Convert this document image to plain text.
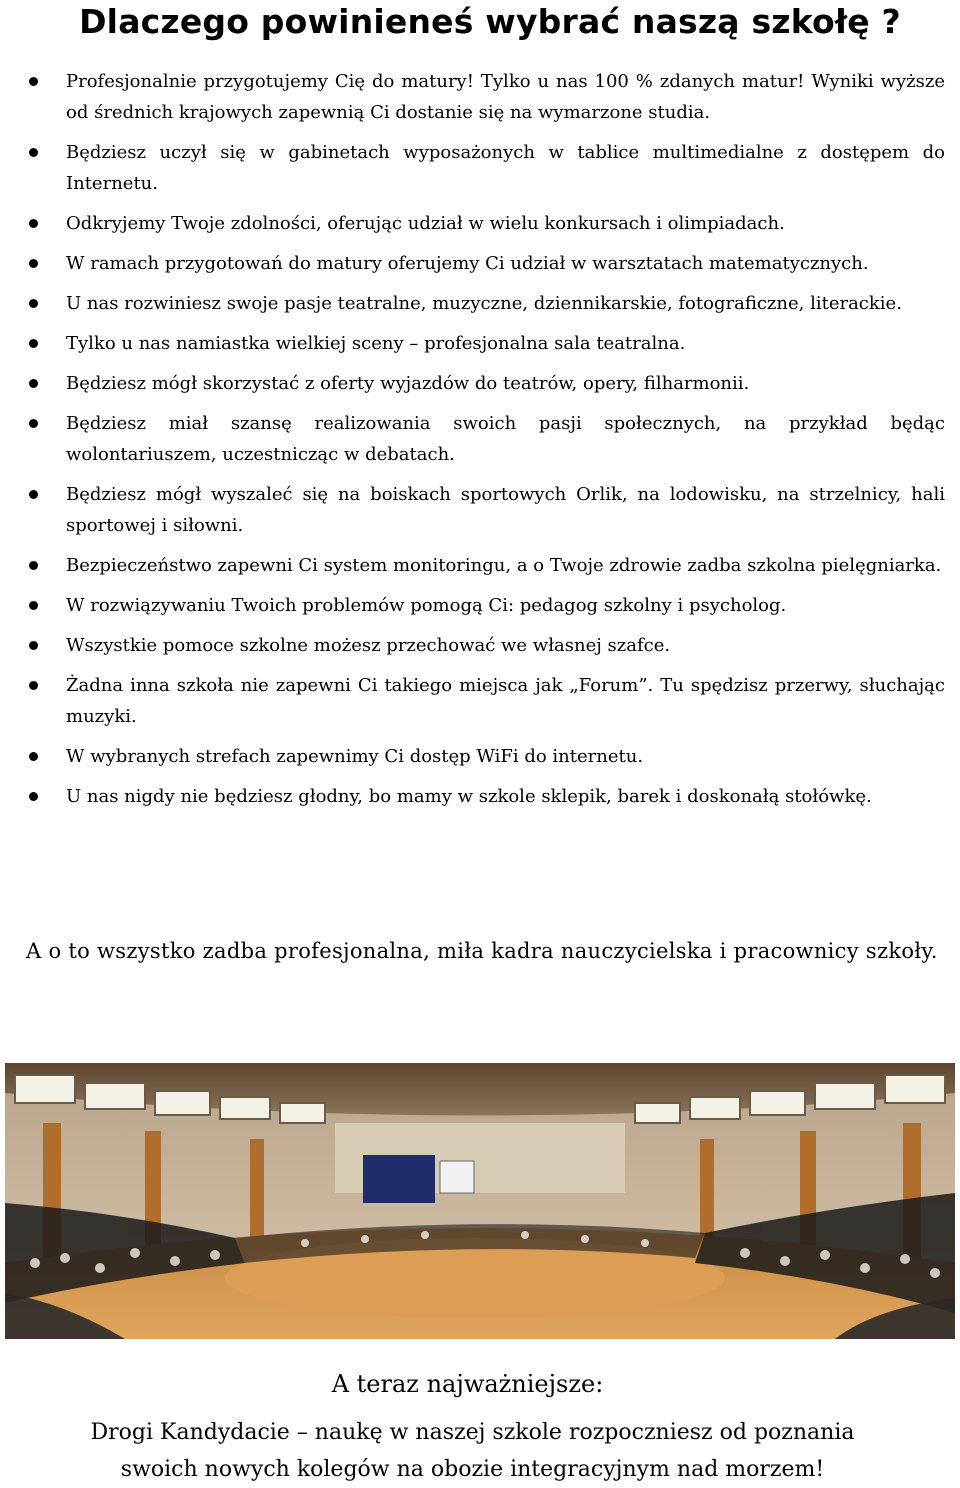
Dlaczego powinieneś wybrać naszą szkołę ?
Profesjonalnie przygotujemy Cię do matury! Tylko u nas 100 % zdanych matur! Wyniki wyższe od średnich krajowych zapewnią Ci dostanie się na wymarzone studia.
Będziesz uczył się w gabinetach wyposażonych w tablice multimedialne z dostępem do Internetu.
Odkryjemy Twoje zdolności, oferując udział w wielu konkursach i olimpiadach.
W ramach przygotowań do matury oferujemy Ci udział w warsztatach matematycznych.
U nas rozwiniesz swoje pasje teatralne, muzyczne, dziennikarskie, fotograficzne, literackie.
Tylko u nas namiastka wielkiej sceny – profesjonalna sala teatralna.
Będziesz mógł skorzystać z oferty wyjazdów do teatrów, opery, filharmonii.
Będziesz miał szansę realizowania swoich pasji społecznych, na przykład będąc wolontariuszem, uczestnicząc w debatach.
Będziesz mógł wyszaleć się na boiskach sportowych Orlik, na lodowisku, na strzelnicy, hali sportowej i siłowni.
Bezpieczeństwo zapewni Ci system monitoringu, a o Twoje zdrowie zadba szkolna pielęgniarka.
W rozwiązywaniu Twoich problemów pomogą Ci: pedagog szkolny i psycholog.
Wszystkie pomoce szkolne możesz przechować we własnej szafce.
Żadna inna szkoła nie zapewni Ci takiego miejsca jak „Forum”. Tu spędzisz przerwy, słuchając muzyki.
W wybranych strefach zapewnimy Ci dostęp WiFi do internetu.
U nas nigdy nie będziesz głodny, bo mamy w szkole sklepik, barek i doskonałą stołówkę.
A o to wszystko zadba profesjonalna, miła kadra nauczycielska i pracownicy szkoły.
A teraz najważniejsze:
Drogi Kandydacie – naukę w naszej szkole rozpoczniesz od poznania
swoich nowych kolegów na obozie integracyjnym nad morzem!
